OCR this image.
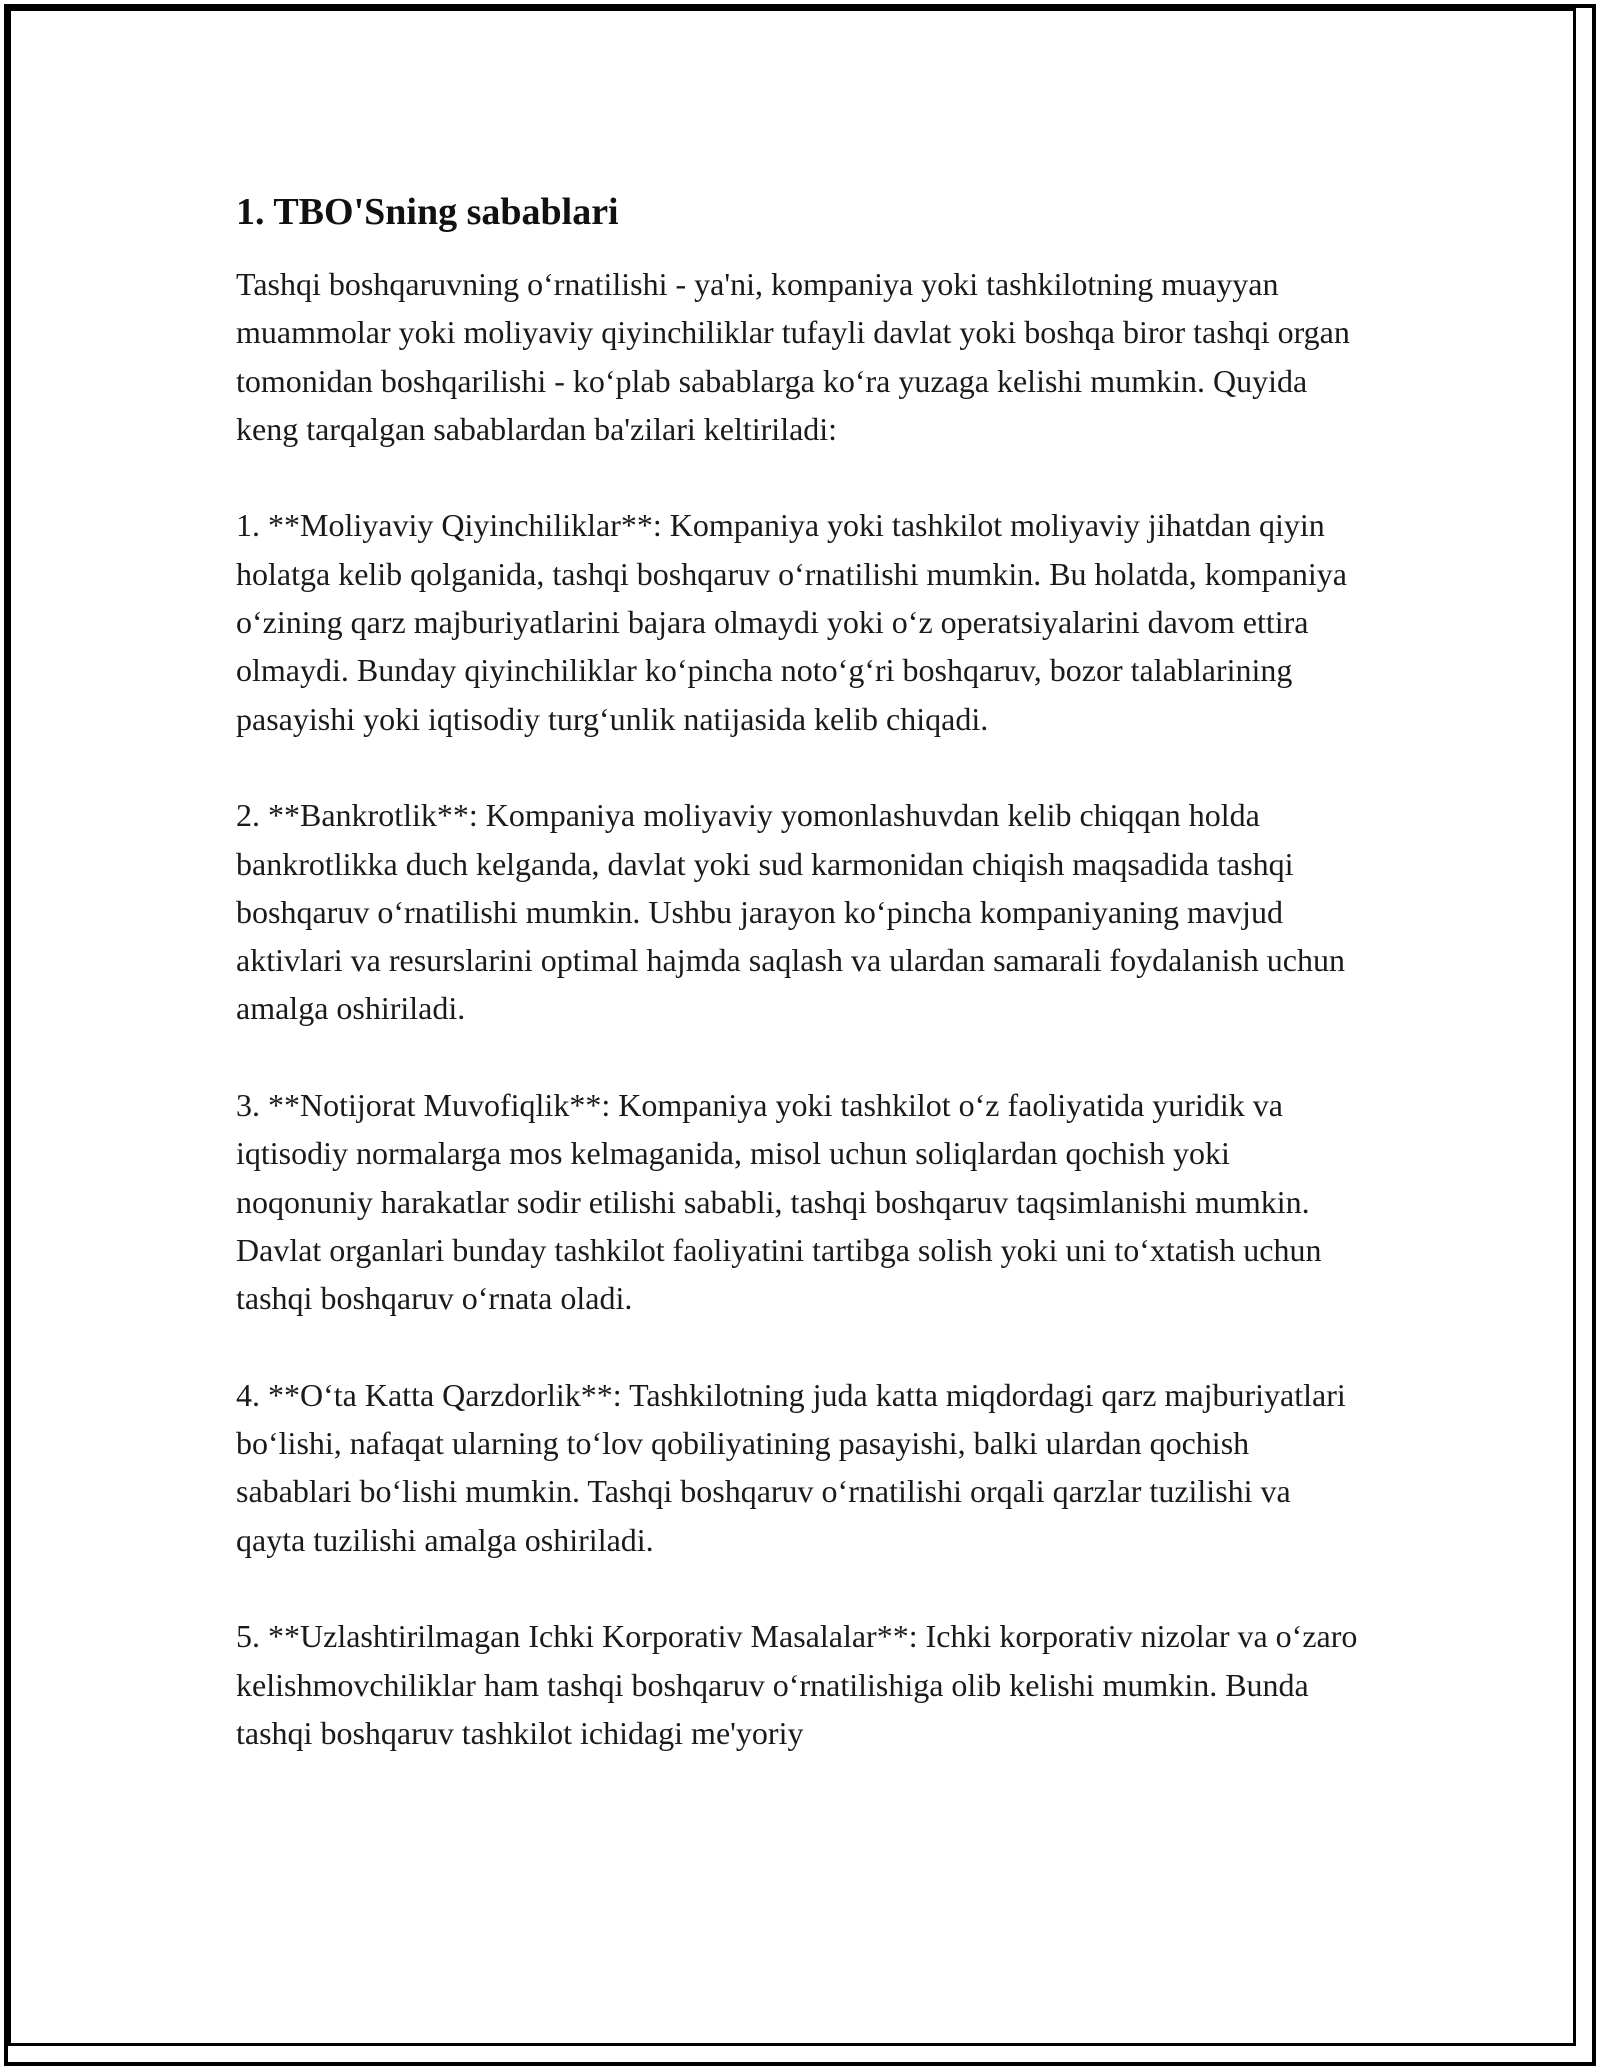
1. TBO'Sning sabablari

Tashqi boshqaruvning o‘rnatilishi - ya'ni, kompaniya yoki tashkilotning muayyan muammolar yoki moliyaviy qiyinchiliklar tufayli davlat yoki boshqa biror tashqi organ tomonidan boshqarilishi - ko‘plab sabablarga ko‘ra yuzaga kelishi mumkin. Quyida keng tarqalgan sabablardan ba'zilari keltiriladi:

1. **Moliyaviy Qiyinchiliklar**: Kompaniya yoki tashkilot moliyaviy jihatdan qiyin holatga kelib qolganida, tashqi boshqaruv o‘rnatilishi mumkin. Bu holatda, kompaniya o‘zining qarz majburiyatlarini bajara olmaydi yoki o‘z operatsiyalarini davom ettira olmaydi. Bunday qiyinchiliklar ko‘pincha noto‘g‘ri boshqaruv, bozor talablarining pasayishi yoki iqtisodiy turg‘unlik natijasida kelib chiqadi.

2. **Bankrotlik**: Kompaniya moliyaviy yomonlashuvdan kelib chiqqan holda bankrotlikka duch kelganda, davlat yoki sud karmonidan chiqish maqsadida tashqi boshqaruv o‘rnatilishi mumkin. Ushbu jarayon ko‘pincha kompaniyaning mavjud aktivlari va resurslarini optimal hajmda saqlash va ulardan samarali foydalanish uchun amalga oshiriladi.

3. **Notijorat Muvofiqlik**: Kompaniya yoki tashkilot o‘z faoliyatida yuridik va iqtisodiy normalarga mos kelmaganida, misol uchun soliqlardan qochish yoki noqonuniy harakatlar sodir etilishi sababli, tashqi boshqaruv taqsimlanishi mumkin. Davlat organlari bunday tashkilot faoliyatini tartibga solish yoki uni to‘xtatish uchun tashqi boshqaruv o‘rnata oladi.

4. **O‘ta Katta Qarzdorlik**: Tashkilotning juda katta miqdordagi qarz majburiyatlari bo‘lishi, nafaqat ularning to‘lov qobiliyatining pasayishi, balki ulardan qochish sabablari bo‘lishi mumkin. Tashqi boshqaruv o‘rnatilishi orqali qarzlar tuzilishi va qayta tuzilishi amalga oshiriladi.

5. **Uzlashtirilmagan Ichki Korporativ Masalalar**: Ichki korporativ nizolar va o‘zaro kelishmovchiliklar ham tashqi boshqaruv o‘rnatilishiga olib kelishi mumkin. Bunda tashqi boshqaruv tashkilot ichidagi me'yoriy
